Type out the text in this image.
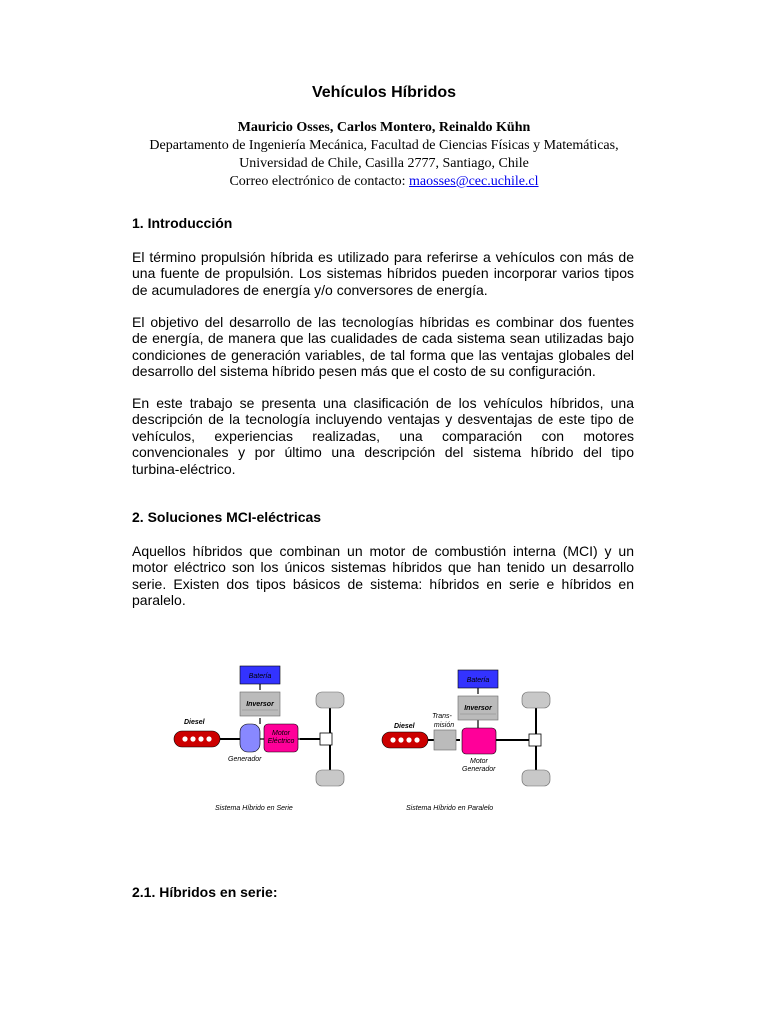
Vehículos Híbridos
Mauricio Osses, Carlos Montero, Reinaldo Kühn
Departamento de Ingeniería Mecánica, Facultad de Ciencias Físicas y Matemáticas,
Universidad de Chile, Casilla 2777, Santiago, Chile
Correo electrónico de contacto: maosses@cec.uchile.cl
1. Introducción
El término propulsión híbrida es utilizado para referirse a vehículos con más de
una fuente de propulsión. Los sistemas híbridos pueden incorporar varios tipos
de acumuladores de energía y/o conversores de energía.
El objetivo del desarrollo de las tecnologías híbridas es combinar dos fuentes
de energía, de manera que las cualidades de cada sistema sean utilizadas bajo
condiciones de generación variables, de tal forma que las ventajas globales del
desarrollo del sistema híbrido pesen más que el costo de su configuración.
En este trabajo se presenta una clasificación de los vehículos híbridos, una
descripción de la tecnología incluyendo ventajas y desventajas de este tipo de
vehículos, experiencias realizadas, una comparación con motores
convencionales y por último una descripción del sistema híbrido del tipo
turbina-eléctrico.
2. Soluciones MCI-eléctricas
Aquellos híbridos que combinan un motor de combustión interna (MCI) y un
motor eléctrico son los únicos sistemas híbridos que han tenido un desarrollo
serie. Existen dos tipos básicos de sistema: híbridos en serie e híbridos en
paralelo.
Batería
Inversor
Diesel
Generador
Motor
Eléctrico
Sistema Híbrido en Serie
Batería
Inversor
Trans-
misión
Diesel
Motor
Generador
Sistema Híbrido en Paralelo
2.1. Híbridos en serie:
